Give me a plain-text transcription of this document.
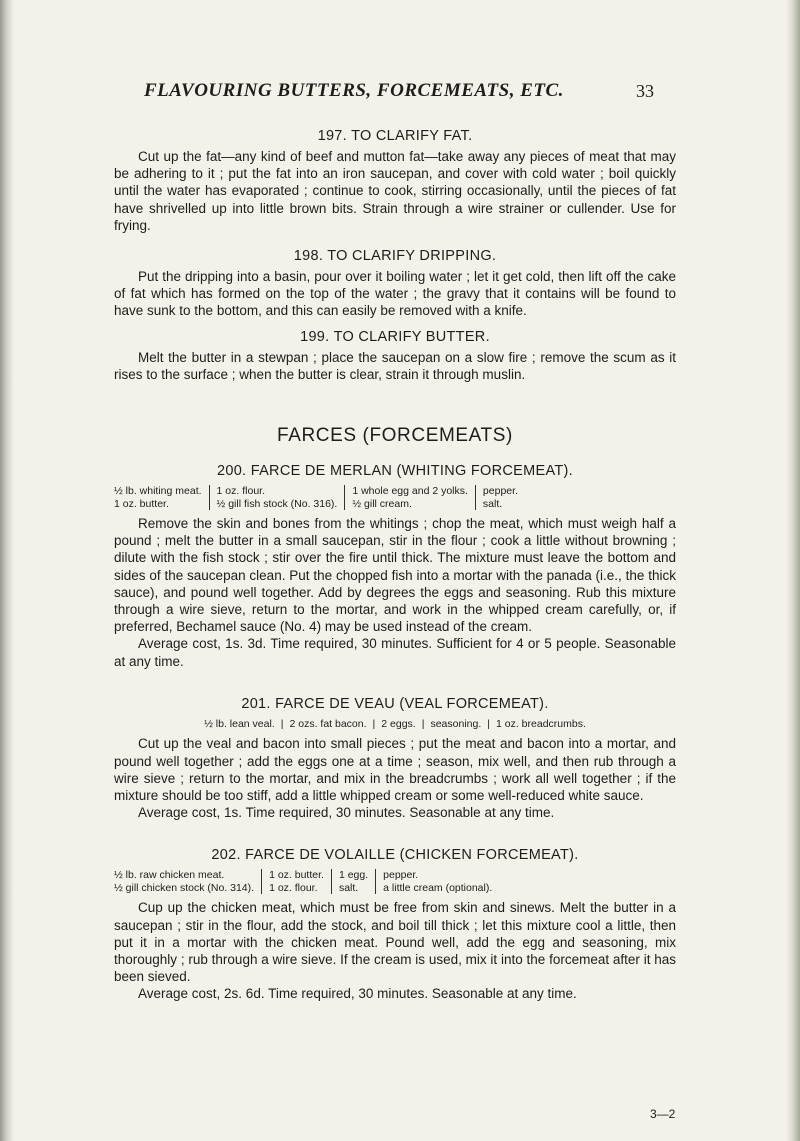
FLAVOURING BUTTERS, FORCEMEATS, ETC.	33
197. TO CLARIFY FAT.

Cut up the fat—any kind of beef and mutton fat—take away any pieces of meat that may be adhering to it ; put the fat into an iron saucepan, and cover with cold water ; boil quickly until the water has evaporated ; continue to cook, stirring occasionally, until the pieces of fat have shrivelled up into little brown bits. Strain through a wire strainer or cullender. Use for frying.

198. TO CLARIFY DRIPPING.

Put the dripping into a basin, pour over it boiling water ; let it get cold, then lift off the cake of fat which has formed on the top of the water ; the gravy that it contains will be found to have sunk to the bottom, and this can easily be removed with a knife.

199. TO CLARIFY BUTTER.

Melt the butter in a stewpan ; place the saucepan on a slow fire ; remove the scum as it rises to the surface ; when the butter is clear, strain it through muslin.

FARCES (FORCEMEATS)
200. FARCE DE MERLAN (WHITING FORCEMEAT).
½ lb. whiting meat.	1 oz. flour.	1 whole egg and 2 yolks.	pepper.
1 oz. butter.	½ gill fish stock (No. 316).	½ gill cream.	salt.

Remove the skin and bones from the whitings ; chop the meat, which must weigh half a pound ; melt the butter in a small saucepan, stir in the flour ; cook a little without browning ; dilute with the fish stock ; stir over the fire until thick. The mixture must leave the bottom and sides of the saucepan clean. Put the chopped fish into a mortar with the panada (i.e., the thick sauce), and pound well together. Add by degrees the eggs and seasoning. Rub this mixture through a wire sieve, return to the mortar, and work in the whipped cream carefully, or, if preferred, Bechamel sauce (No. 4) may be used instead of the cream.

Average cost, 1s. 3d. Time required, 30 minutes. Sufficient for 4 or 5 people. Seasonable at any time.

201. FARCE DE VEAU (VEAL FORCEMEAT).
½ lb. lean veal. | 2 ozs. fat bacon. | 2 eggs. | seasoning. | 1 oz. breadcrumbs.

Cut up the veal and bacon into small pieces ; put the meat and bacon into a mortar, and pound well together ; add the eggs one at a time ; season, mix well, and then rub through a wire sieve ; return to the mortar, and mix in the breadcrumbs ; work all well together ; if the mixture should be too stiff, add a little whipped cream or some well-reduced white sauce.

Average cost, 1s. Time required, 30 minutes. Seasonable at any time.

202. FARCE DE VOLAILLE (CHICKEN FORCEMEAT).
½ lb. raw chicken meat.	1 oz. butter.	1 egg.	pepper.
½ gill chicken stock (No. 314).	1 oz. flour.	salt.	a little cream (optional).

Cup up the chicken meat, which must be free from skin and sinews. Melt the butter in a saucepan ; stir in the flour, add the stock, and boil till thick ; let this mixture cool a little, then put it in a mortar with the chicken meat. Pound well, add the egg and seasoning, mix thoroughly ; rub through a wire sieve. If the cream is used, mix it into the forcemeat after it has been sieved.

Average cost, 2s. 6d. Time required, 30 minutes. Seasonable at any time.

3—2
